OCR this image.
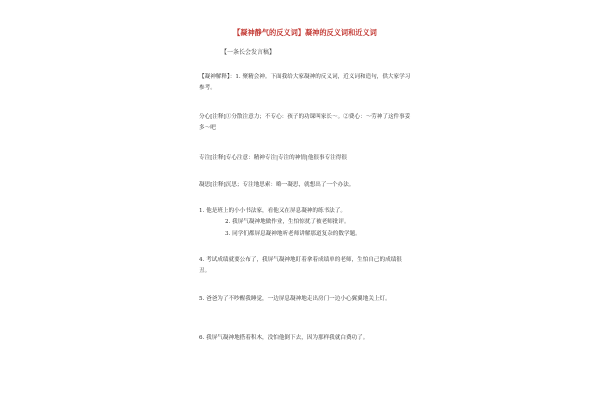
【凝神静气的反义词】凝神的反义词和近义词
【一条长会发言稿】
【凝神解释】：1. 聚精会神。下面我给大家凝神的反义词，近义词和造句，供大家学习参考。
分心[注释]①分散注意力；不专心：孩子的功课叫家长～。②费心：～劳神了这件事妥多～吧
专注[注释]专心注意：精神专注|专注的神情|他很事专注得很
凝思[注释]沉思；专注地思索：略一凝思，就想出了一个办法。
1. 他是班上的小小书法家，看他又在屏息凝神的练书法了。
2. 我屏气凝神地做作业，生怕惊扰了被老师批评。
3. 同学们都屏息凝神地听老师讲解那道复杂的数学题。
4. 考试成绩就要公布了，我屏气凝神地盯着拿着成绩单的老师，生怕自己的成绩很丑。
5. 爸爸为了不吵醒我睡觉，一边屏息凝神地走出房门一边小心翼翼地关上灯。
6. 我屏气凝神地搭着积木，没怕他倒下去，因为那样我就白费功了。
